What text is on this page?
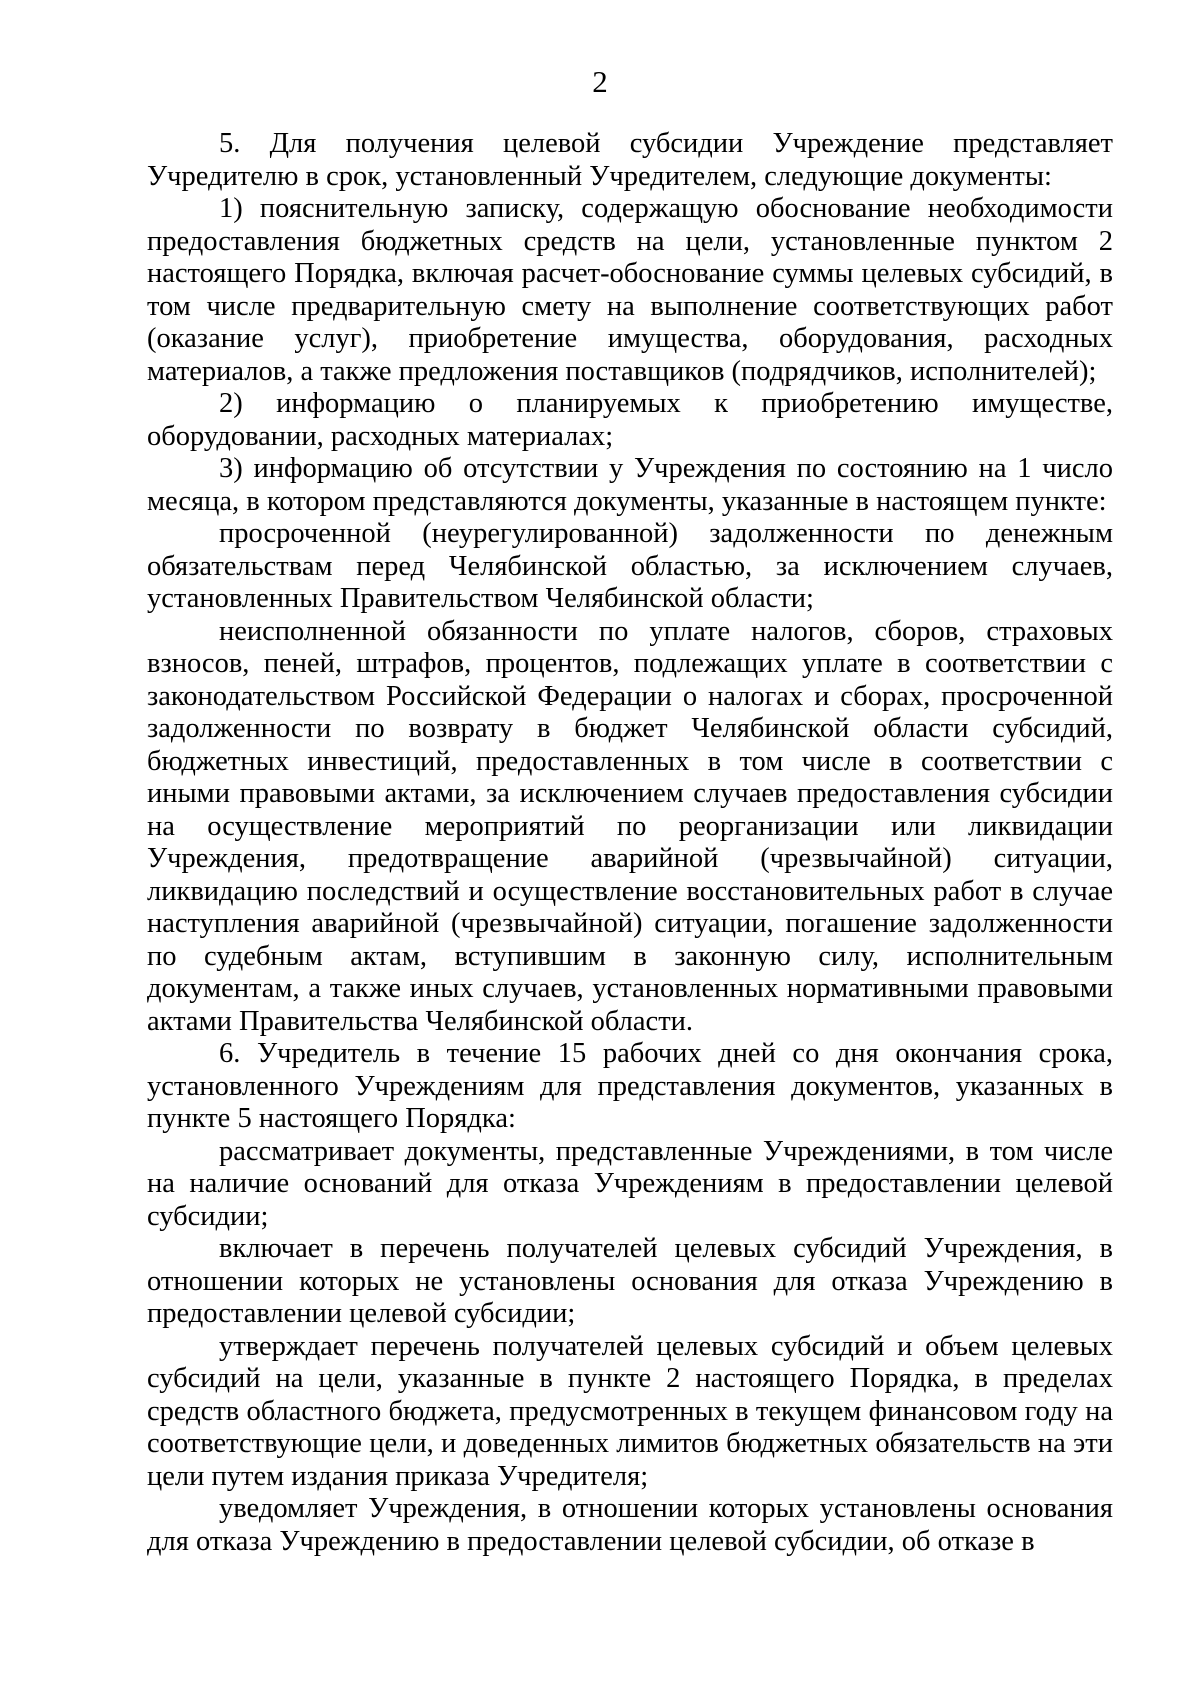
2

5. Для получения целевой субсидии Учреждение представляет Учредителю в срок, установленный Учредителем, следующие документы:

1) пояснительную записку, содержащую обоснование необходимости предоставления бюджетных средств на цели, установленные пунктом 2 настоящего Порядка, включая расчет-обоснование суммы целевых субсидий, в том числе предварительную смету на выполнение соответствующих работ (оказание услуг), приобретение имущества, оборудования, расходных материалов, а также предложения поставщиков (подрядчиков, исполнителей);

2) информацию о планируемых к приобретению имуществе, оборудовании, расходных материалах;

3) информацию об отсутствии у Учреждения по состоянию на 1 число месяца, в котором представляются документы, указанные в настоящем пункте:

просроченной (неурегулированной) задолженности по денежным обязательствам перед Челябинской областью, за исключением случаев, установленных Правительством Челябинской области;

неисполненной обязанности по уплате налогов, сборов, страховых взносов, пеней, штрафов, процентов, подлежащих уплате в соответствии с законодательством Российской Федерации о налогах и сборах, просроченной задолженности по возврату в бюджет Челябинской области субсидий, бюджетных инвестиций, предоставленных в том числе в соответствии с иными правовыми актами, за исключением случаев предоставления субсидии на осуществление мероприятий по реорганизации или ликвидации Учреждения, предотвращение аварийной (чрезвычайной) ситуации, ликвидацию последствий и осуществление восстановительных работ в случае наступления аварийной (чрезвычайной) ситуации, погашение задолженности по судебным актам, вступившим в законную силу, исполнительным документам, а также иных случаев, установленных нормативными правовыми актами Правительства Челябинской области.

6. Учредитель в течение 15 рабочих дней со дня окончания срока, установленного Учреждениям для представления документов, указанных в пункте 5 настоящего Порядка:

рассматривает документы, представленные Учреждениями, в том числе на наличие оснований для отказа Учреждениям в предоставлении целевой субсидии;

включает в перечень получателей целевых субсидий Учреждения, в отношении которых не установлены основания для отказа Учреждению в предоставлении целевой субсидии;

утверждает перечень получателей целевых субсидий и объем целевых субсидий на цели, указанные в пункте 2 настоящего Порядка, в пределах средств областного бюджета, предусмотренных в текущем финансовом году на соответствующие цели, и доведенных лимитов бюджетных обязательств на эти цели путем издания приказа Учредителя;

уведомляет Учреждения, в отношении которых установлены основания для отказа Учреждению в предоставлении целевой субсидии, об отказе в
